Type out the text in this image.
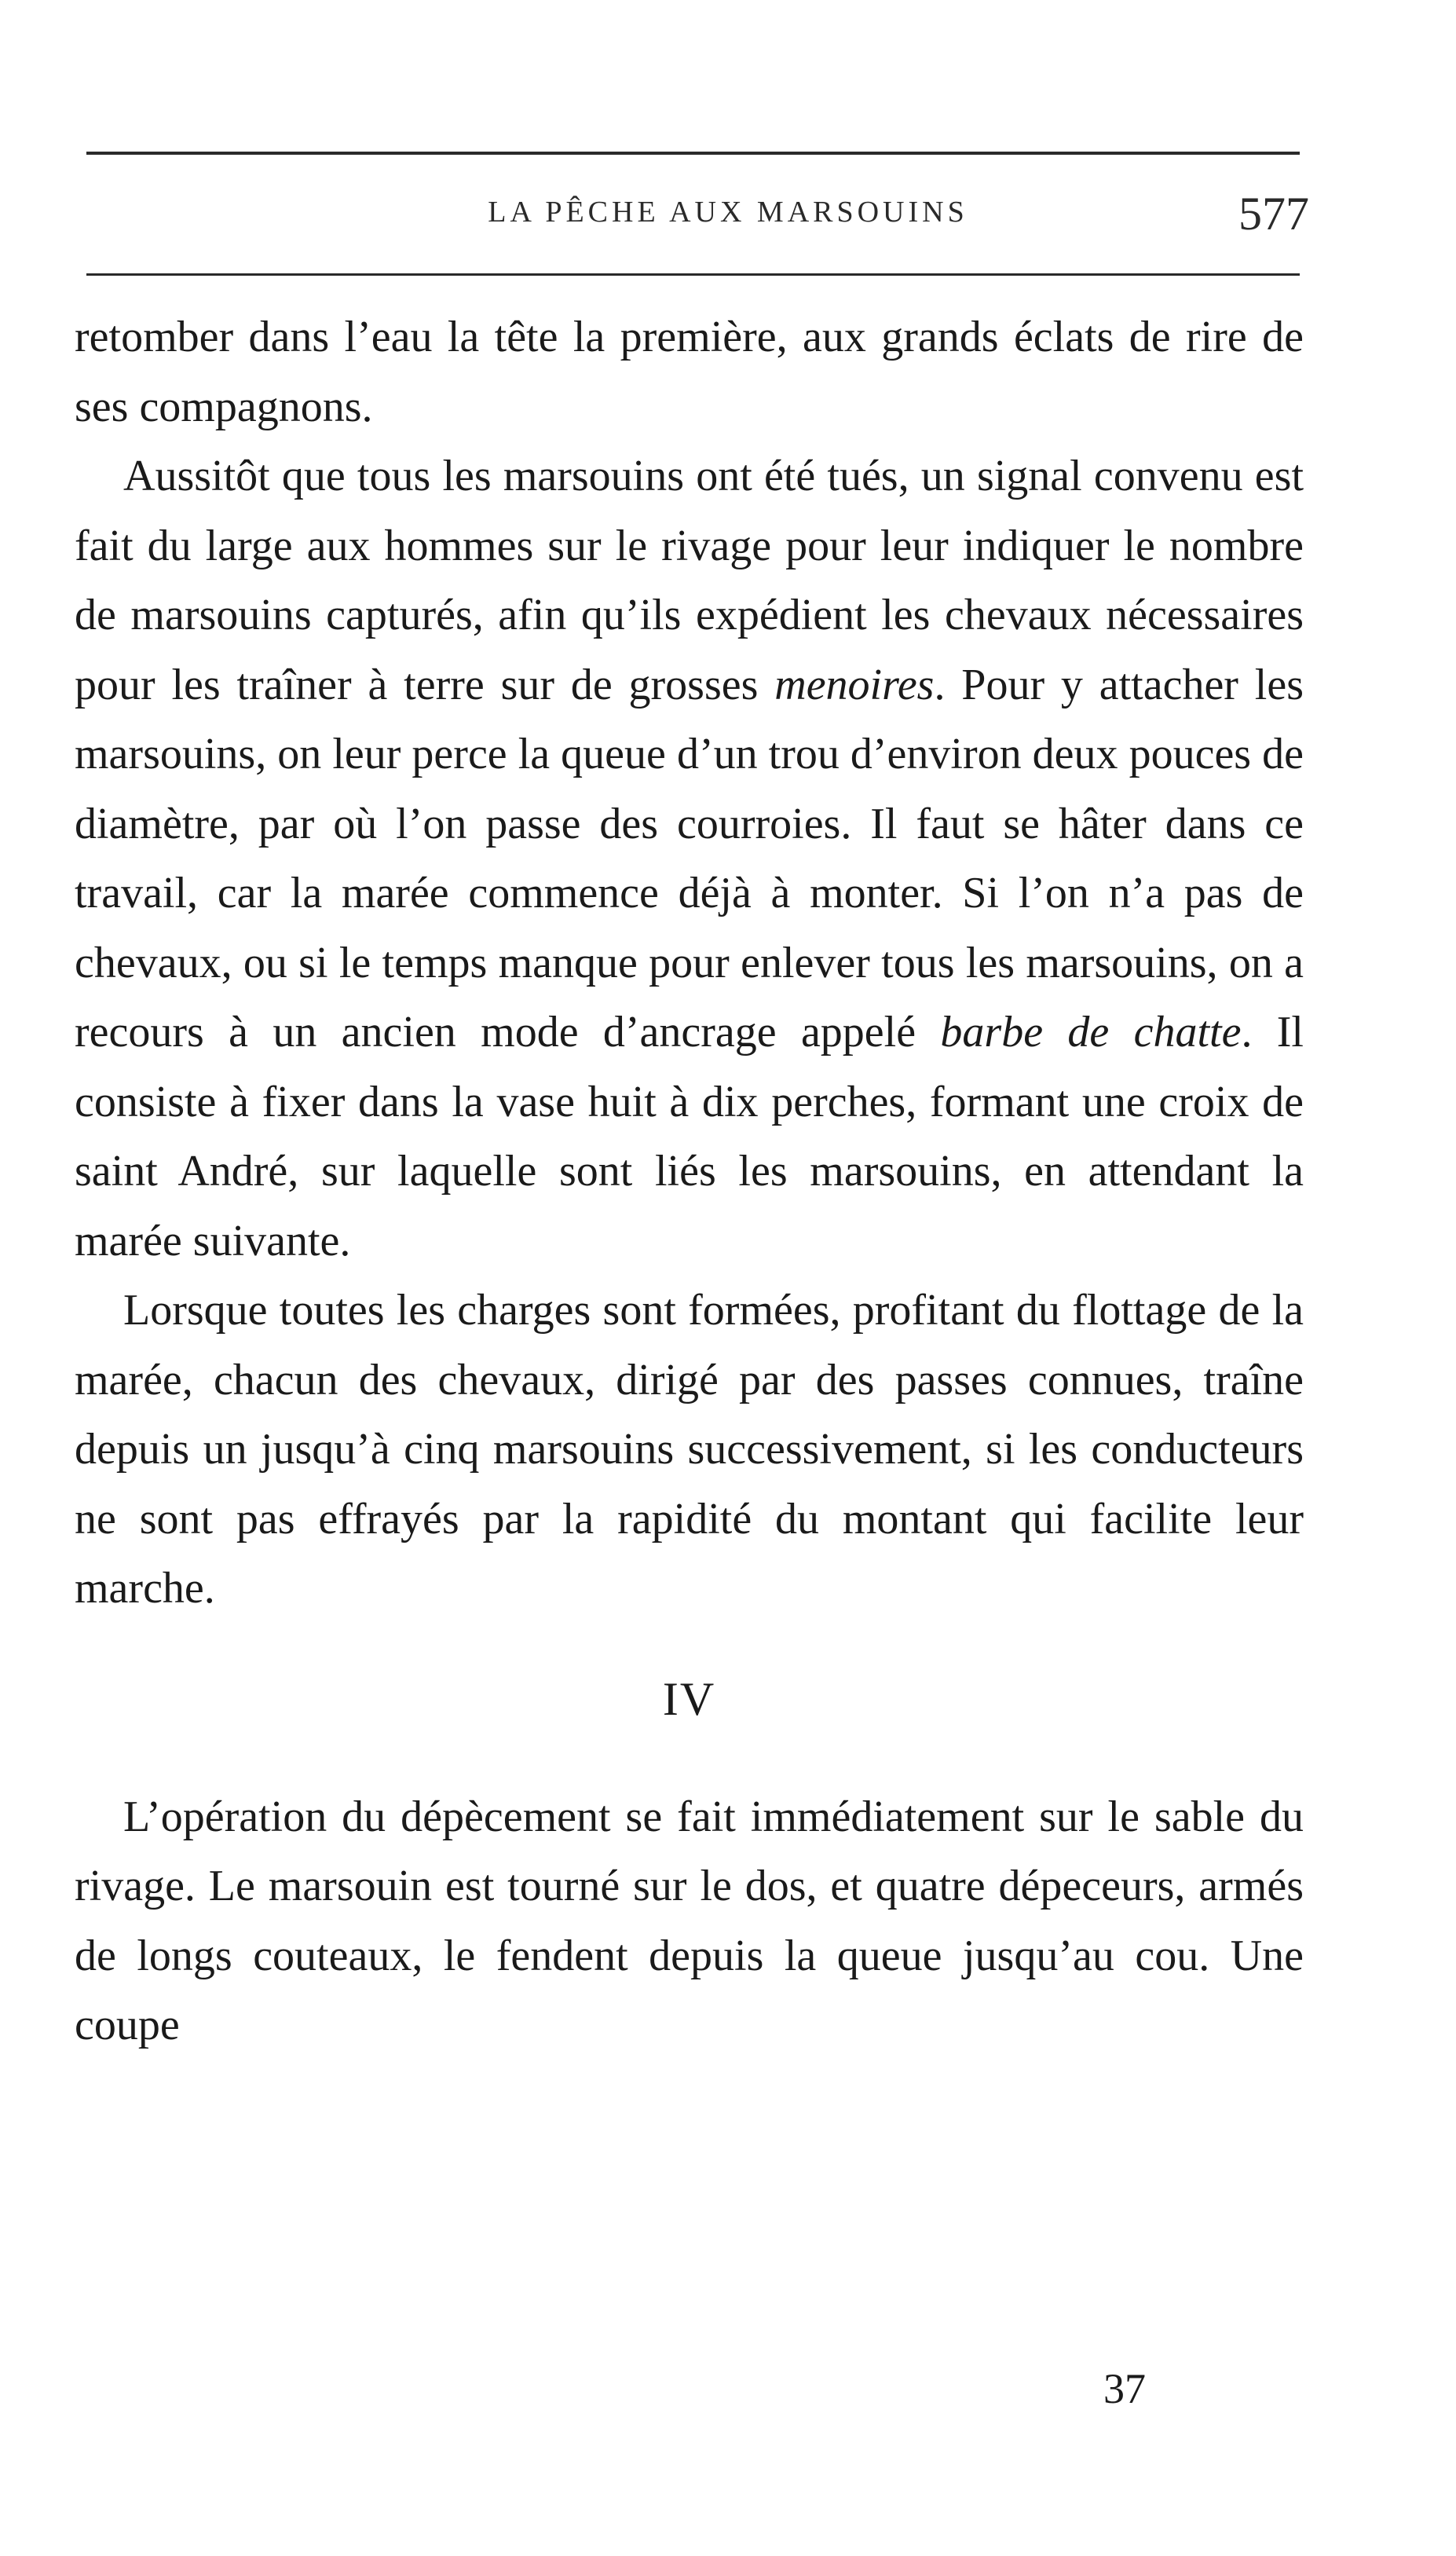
LA PÊCHE AUX MARSOUINS	577

retomber dans l’eau la tête la première, aux grands éclats de rire de ses compagnons.

Aussitôt que tous les marsouins ont été tués, un signal convenu est fait du large aux hommes sur le rivage pour leur indiquer le nombre de marsouins capturés, afin qu’ils expédient les chevaux nécessaires pour les traîner à terre sur de grosses menoires. Pour y attacher les marsouins, on leur perce la queue d’un trou d’environ deux pouces de diamètre, par où l’on passe des courroies. Il faut se hâter dans ce travail, car la marée commence déjà à monter. Si l’on n’a pas de chevaux, ou si le temps manque pour enlever tous les marsouins, on a recours à un ancien mode d’ancrage appelé barbe de chatte. Il consiste à fixer dans la vase huit à dix perches, formant une croix de saint André, sur laquelle sont liés les marsouins, en attendant la marée suivante.

Lorsque toutes les charges sont formées, profitant du flottage de la marée, chacun des chevaux, dirigé par des passes connues, traîne depuis un jusqu’à cinq marsouins successivement, si les conducteurs ne sont pas effrayés par la rapidité du montant qui facilite leur marche.

IV

L’opération du dépècement se fait immédiatement sur le sable du rivage. Le marsouin est tourné sur le dos, et quatre dépeceurs, armés de longs couteaux, le fendent depuis la queue jusqu’au cou. Une coupe

37
